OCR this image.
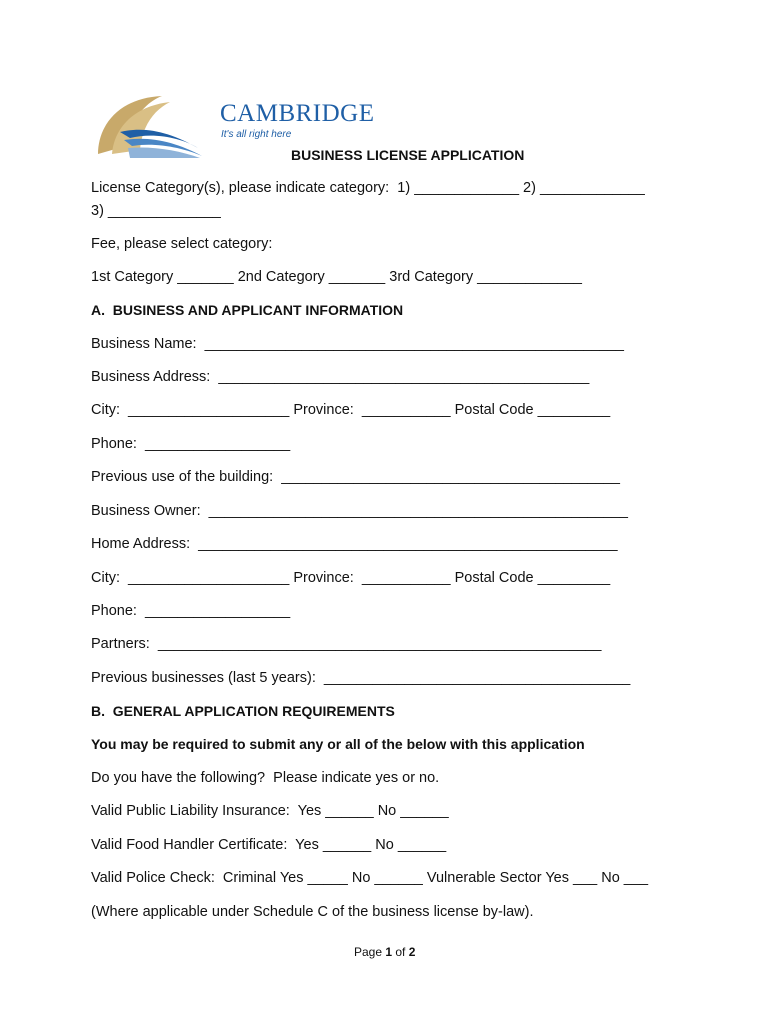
CAMBRIDGE
It's all right here
BUSINESS LICENSE APPLICATION
License Category(s), please indicate category:  1) _____________ 2) _____________
3) ______________
Fee, please select category:
1st Category _______ 2nd Category _______ 3rd Category _____________
A.  BUSINESS AND APPLICANT INFORMATION
Business Name:  ____________________________________________________
Business Address:  ______________________________________________
City:  ____________________ Province:  ___________ Postal Code _________
Phone:  __________________
Previous use of the building:  __________________________________________
Business Owner:  ____________________________________________________
Home Address:  ____________________________________________________
City:  ____________________ Province:  ___________ Postal Code _________
Phone:  __________________
Partners:  _______________________________________________________
Previous businesses (last 5 years):  ______________________________________
B.  GENERAL APPLICATION REQUIREMENTS
You may be required to submit any or all of the below with this application
Do you have the following?  Please indicate yes or no.
Valid Public Liability Insurance:  Yes ______ No ______
Valid Food Handler Certificate:  Yes ______ No ______
Valid Police Check:  Criminal Yes _____ No ______ Vulnerable Sector Yes ___ No ___
(Where applicable under Schedule C of the business license by-law).
Page 1 of 2
